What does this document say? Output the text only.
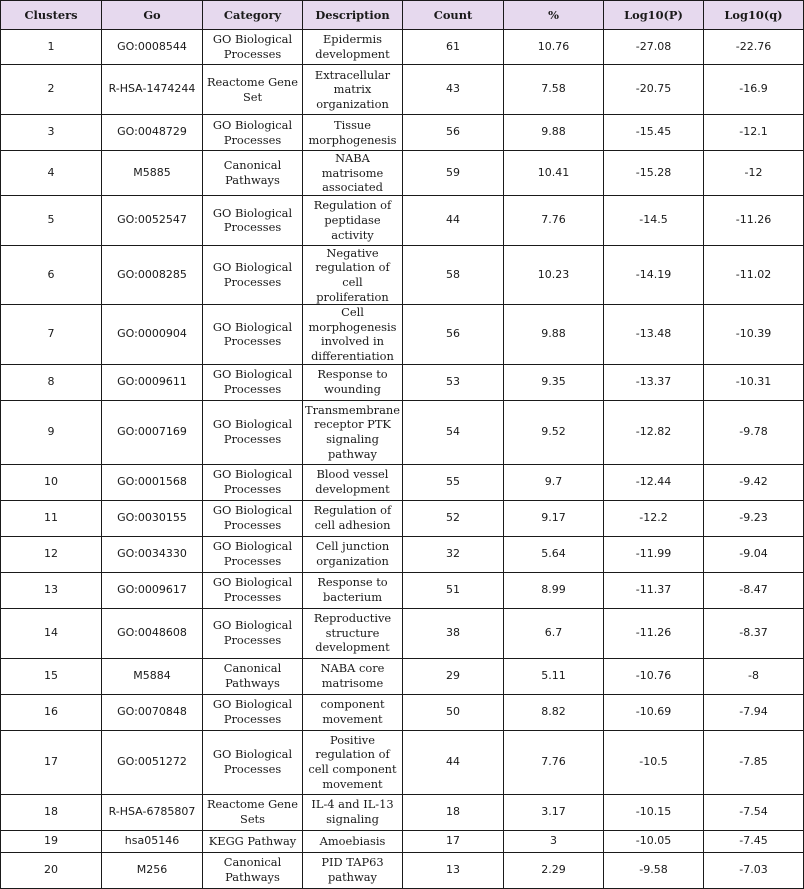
Clusters	Go	Category	Description	Count	%	Log10(P)	Log10(q)
1	GO:0008544	GO Biological Processes	Epidermis development	61	10.76	-27.08	-22.76
2	R-HSA-1474244	Reactome Gene Set	Extracellular matrix organization	43	7.58	-20.75	-16.9
3	GO:0048729	GO Biological Processes	Tissue morphogenesis	56	9.88	-15.45	-12.1
4	M5885	Canonical Pathways	NABA matrisome associated	59	10.41	-15.28	-12
5	GO:0052547	GO Biological Processes	Regulation of peptidase activity	44	7.76	-14.5	-11.26
6	GO:0008285	GO Biological Processes	Negative regulation of cell proliferation	58	10.23	-14.19	-11.02
7	GO:0000904	GO Biological Processes	Cell morphogenesis involved in differentiation	56	9.88	-13.48	-10.39
8	GO:0009611	GO Biological Processes	Response to wounding	53	9.35	-13.37	-10.31
9	GO:0007169	GO Biological Processes	Transmembrane receptor PTK signaling pathway	54	9.52	-12.82	-9.78
10	GO:0001568	GO Biological Processes	Blood vessel development	55	9.7	-12.44	-9.42
11	GO:0030155	GO Biological Processes	Regulation of cell adhesion	52	9.17	-12.2	-9.23
12	GO:0034330	GO Biological Processes	Cell junction organization	32	5.64	-11.99	-9.04
13	GO:0009617	GO Biological Processes	Response to bacterium	51	8.99	-11.37	-8.47
14	GO:0048608	GO Biological Processes	Reproductive structure development	38	6.7	-11.26	-8.37
15	M5884	Canonical Pathways	NABA core matrisome	29	5.11	-10.76	-8
16	GO:0070848	GO Biological Processes	component movement	50	8.82	-10.69	-7.94
17	GO:0051272	GO Biological Processes	Positive regulation of cell component movement	44	7.76	-10.5	-7.85
18	R-HSA-6785807	Reactome Gene Sets	IL-4 and IL-13 signaling	18	3.17	-10.15	-7.54
19	hsa05146	KEGG Pathway	Amoebiasis	17	3	-10.05	-7.45
20	M256	Canonical Pathways	PID TAP63 pathway	13	2.29	-9.58	-7.03
